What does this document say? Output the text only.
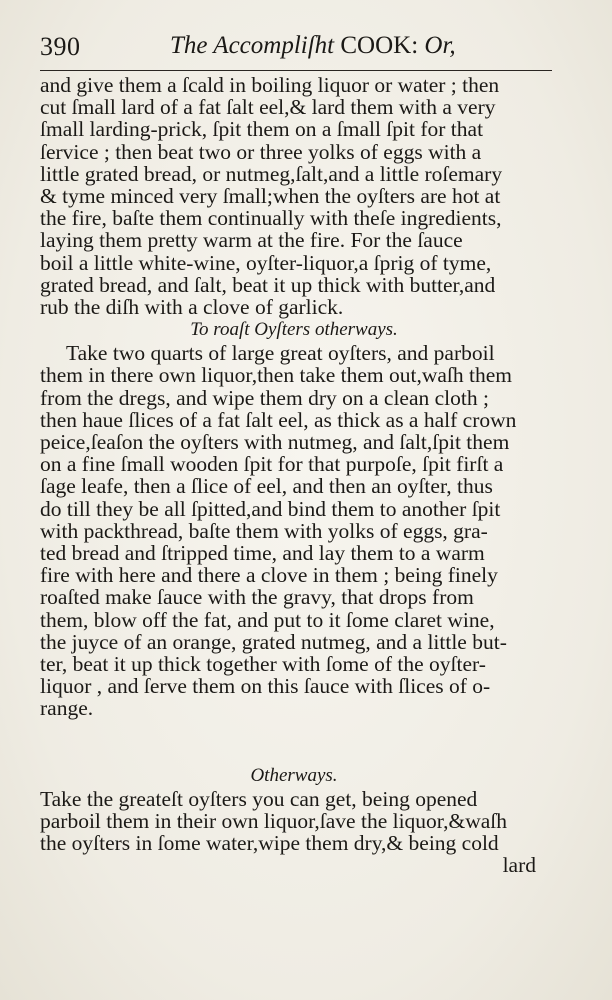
390	The Accompliſht COOK: Or,
and give them a ſcald in boiling liquor or water ; then
cut ſmall lard of a fat ſalt eel,& lard them with a very
ſmall larding-prick, ſpit them on a ſmall ſpit for that
ſervice ; then beat two or three yolks of eggs with a
little grated bread, or nutmeg,ſalt,and a little roſemary
& tyme minced very ſmall;when the oyſters are hot at
the fire, baſte them continually with theſe ingredients,
laying them pretty warm at the fire. For the ſauce
boil a little white-wine, oyſter-liquor,a ſprig of tyme,
grated bread, and ſalt, beat it up thick with butter,and
rub the diſh with a clove of garlick.
To roaſt Oyſters otherways.
Take two quarts of large great oyſters, and parboil
them in there own liquor,then take them out,waſh them
from the dregs, and wipe them dry on a clean cloth ;
then haue ſlices of a fat ſalt eel, as thick as a half crown
peice,ſeaſon the oyſters with nutmeg, and ſalt,ſpit them
on a fine ſmall wooden ſpit for that purpoſe, ſpit firſt a
ſage leafe, then a ſlice of eel, and then an oyſter, thus
do till they be all ſpitted,and bind them to another ſpit
with packthread, baſte them with yolks of eggs, gra-
ted bread and ſtripped time, and lay them to a warm
fire with here and there a clove in them ; being finely
roaſted make ſauce with the gravy, that drops from
them, blow off the fat, and put to it ſome claret wine,
the juyce of an orange, grated nutmeg, and a little but-
ter, beat it up thick together with ſome of the oyſter-
liquor , and ſerve them on this ſauce with ſlices of o-
range.
Otherways.
Take the greateſt oyſters you can get, being opened
parboil them in their own liquor,ſave the liquor,&waſh
the oyſters in ſome water,wipe them dry,& being cold
lard
